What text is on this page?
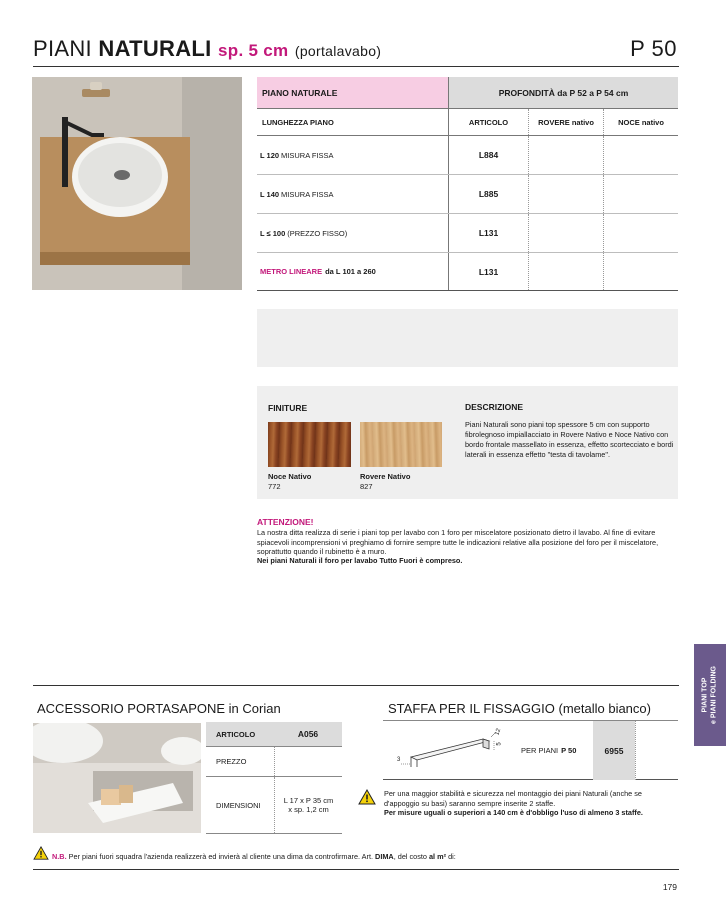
PIANI NATURALI sp. 5 cm (portalavabo)	P 50
PIANO NATURALE	PROFONDITÀ da P 52 a P 54 cm
LUNGHEZZA PIANO	ARTICOLO	ROVERE nativo	NOCE nativo
L 120 MISURA FISSA	L884
L 140 MISURA FISSA	L885
L ≤ 100 (PREZZO FISSO)	L131
METRO LINEARE da L 101 a 260	L131
FINITURE
Noce Nativo
772
Rovere Nativo
827
DESCRIZIONE
Piani Naturali sono piani top spessore 5 cm con supporto fibrolegnoso impiallacciato in Rovere Nativo e Noce Nativo con bordo frontale massellato in essenza, effetto scortecciato e bordi laterali in essenza effetto "testa di tavolame".
ATTENZIONE!
La nostra ditta realizza di serie i piani top per lavabo con 1 foro per miscelatore posizionato dietro il lavabo. Al fine di evitare spiacevoli incomprensioni vi preghiamo di fornire sempre tutte le indicazioni relative alla posizione del foro per il miscelatore, soprattutto quando il rubinetto è a muro.
Nei piani Naturali il foro per lavabo Tutto Fuori è compreso.
PIANI TOP e PIANI FOLDING
ACCESSORIO PORTASAPONE in Corian
ARTICOLO	A056
PREZZO
DIMENSIONI	L 17 x P 35 cm
x sp. 1,2 cm
STAFFA PER IL FISSAGGIO (metallo bianco)
3
12
5
PER PIANI P 50	6955
Per una maggior stabilità e sicurezza nel montaggio dei piani Naturali (anche se d'appoggio su basi) saranno sempre inserite 2 staffe.
Per misure uguali o superiori a 140 cm è d'obbligo l'uso di almeno 3 staffe.
N.B. Per piani fuori squadra l'azienda realizzerà ed invierà al cliente una dima da controfirmare. Art. DIMA, del costo al m² di:
179
